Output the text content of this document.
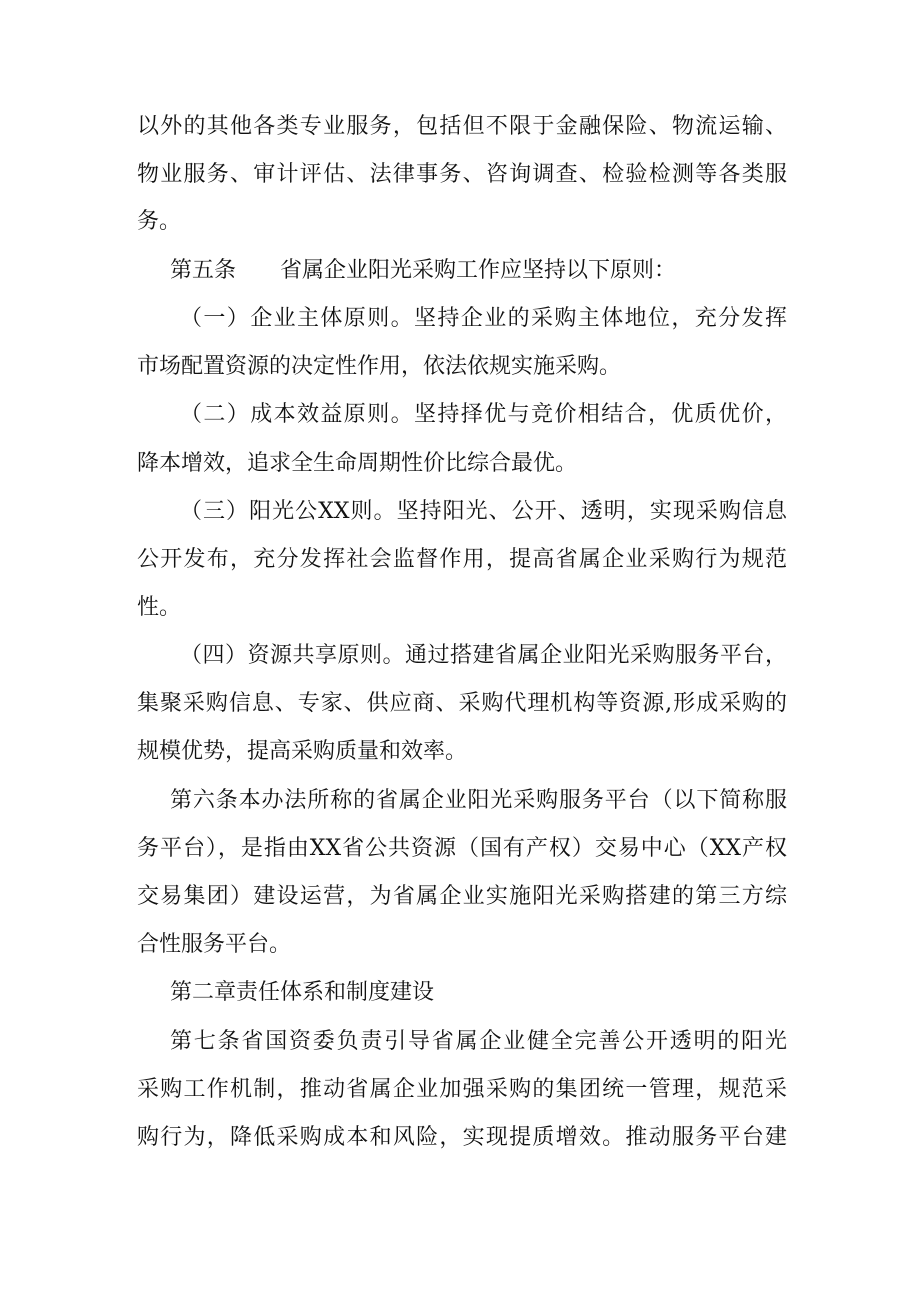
以外的其他各类专业服务，包括但不限于金融保险、物流运输、
物业服务、审计评估、法律事务、咨询调查、检验检测等各类服
务。
第五条　　省属企业阳光采购工作应坚持以下原则：
（一）企业主体原则。坚持企业的采购主体地位，充分发挥
市场配置资源的决定性作用，依法依规实施采购。
（二）成本效益原则。坚持择优与竞价相结合，优质优价，
降本增效，追求全生命周期性价比综合最优。
（三）阳光公XX则。坚持阳光、公开、透明，实现采购信息
公开发布，充分发挥社会监督作用，提高省属企业采购行为规范
性。
（四）资源共享原则。通过搭建省属企业阳光采购服务平台，
集聚采购信息、专家、供应商、采购代理机构等资源,形成采购的
规模优势，提高采购质量和效率。
第六条本办法所称的省属企业阳光采购服务平台（以下简称服
务平台），是指由XX省公共资源（国有产权）交易中心（XX产权
交易集团）建设运营，为省属企业实施阳光采购搭建的第三方综
合性服务平台。
第二章责任体系和制度建设
第七条省国资委负责引导省属企业健全完善公开透明的阳光
采购工作机制，推动省属企业加强采购的集团统一管理，规范采
购行为，降低采购成本和风险，实现提质增效。推动服务平台建
